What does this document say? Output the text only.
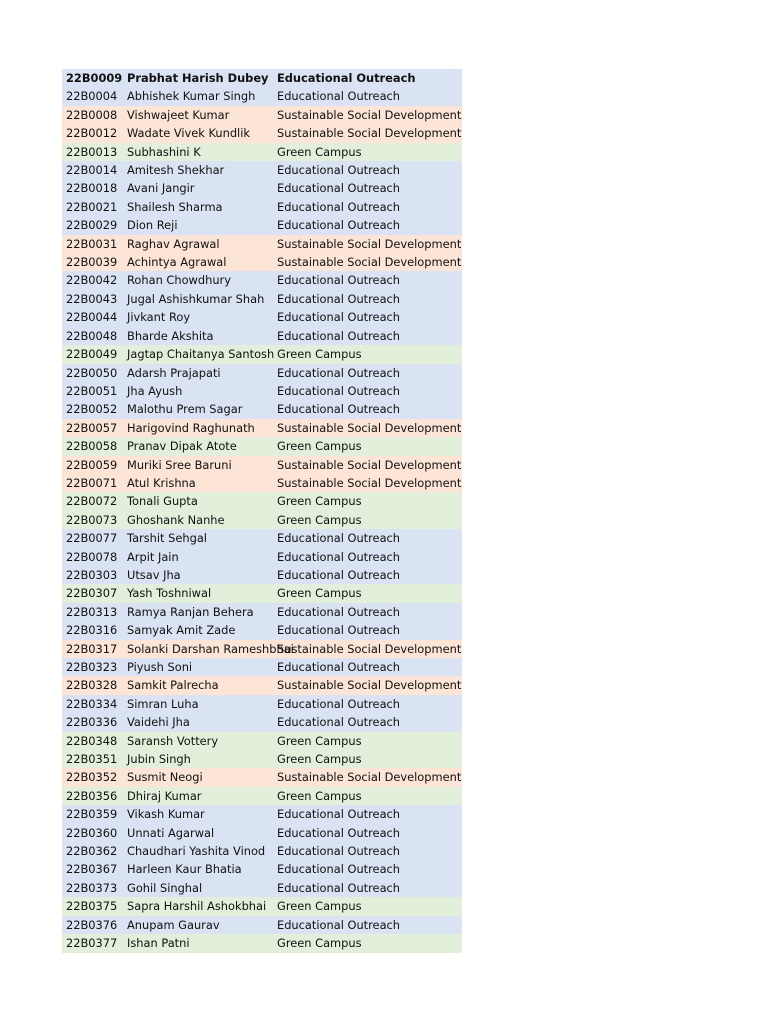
22B0009	Prabhat Harish Dubey	Educational Outreach
22B0004	Abhishek Kumar Singh	Educational Outreach
22B0008	Vishwajeet Kumar	Sustainable Social Development
22B0012	Wadate Vivek Kundlik	Sustainable Social Development
22B0013	Subhashini K	Green Campus
22B0014	Amitesh Shekhar	Educational Outreach
22B0018	Avani Jangir	Educational Outreach
22B0021	Shailesh Sharma	Educational Outreach
22B0029	Dion Reji	Educational Outreach
22B0031	Raghav Agrawal	Sustainable Social Development
22B0039	Achintya Agrawal	Sustainable Social Development
22B0042	Rohan Chowdhury	Educational Outreach
22B0043	Jugal Ashishkumar Shah	Educational Outreach
22B0044	Jivkant Roy	Educational Outreach
22B0048	Bharde Akshita	Educational Outreach
22B0049	Jagtap Chaitanya Santosh	Green Campus
22B0050	Adarsh Prajapati	Educational Outreach
22B0051	Jha Ayush	Educational Outreach
22B0052	Malothu Prem Sagar	Educational Outreach
22B0057	Harigovind Raghunath	Sustainable Social Development
22B0058	Pranav Dipak Atote	Green Campus
22B0059	Muriki Sree Baruni	Sustainable Social Development
22B0071	Atul Krishna	Sustainable Social Development
22B0072	Tonali Gupta	Green Campus
22B0073	Ghoshank Nanhe	Green Campus
22B0077	Tarshit Sehgal	Educational Outreach
22B0078	Arpit Jain	Educational Outreach
22B0303	Utsav Jha	Educational Outreach
22B0307	Yash Toshniwal	Green Campus
22B0313	Ramya Ranjan Behera	Educational Outreach
22B0316	Samyak Amit Zade	Educational Outreach
22B0317	Solanki Darshan Rameshbhai	Sustainable Social Development
22B0323	Piyush Soni	Educational Outreach
22B0328	Samkit Palrecha	Sustainable Social Development
22B0334	Simran Luha	Educational Outreach
22B0336	Vaidehi Jha	Educational Outreach
22B0348	Saransh Vottery	Green Campus
22B0351	Jubin Singh	Green Campus
22B0352	Susmit Neogi	Sustainable Social Development
22B0356	Dhiraj Kumar	Green Campus
22B0359	Vikash Kumar	Educational Outreach
22B0360	Unnati Agarwal	Educational Outreach
22B0362	Chaudhari Yashita Vinod	Educational Outreach
22B0367	Harleen Kaur Bhatia	Educational Outreach
22B0373	Gohil Singhal	Educational Outreach
22B0375	Sapra Harshil Ashokbhai	Green Campus
22B0376	Anupam Gaurav	Educational Outreach
22B0377	Ishan Patni	Green Campus
